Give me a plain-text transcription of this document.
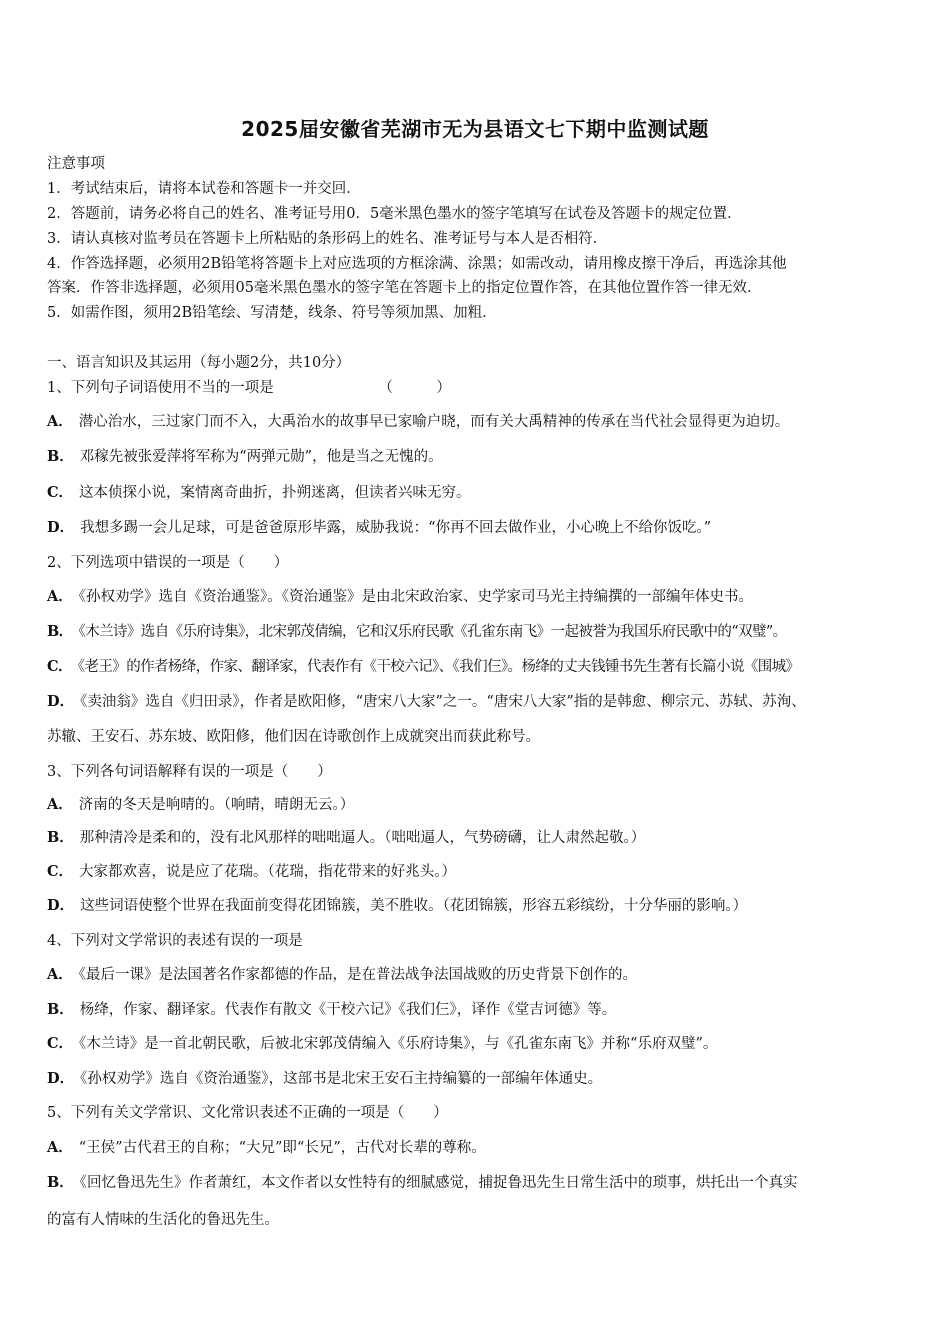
2025届安徽省芜湖市无为县语文七下期中监测试题
注意事项
1．考试结束后，请将本试卷和答题卡一并交回．
2．答题前，请务必将自己的姓名、准考证号用0．5毫米黑色墨水的签字笔填写在试卷及答题卡的规定位置．
3．请认真核对监考员在答题卡上所粘贴的条形码上的姓名、准考证号与本人是否相符．
4．作答选择题，必须用2B铅笔将答题卡上对应选项的方框涂满、涂黑；如需改动，请用橡皮擦干净后，再选涂其他
答案．作答非选择题，必须用05毫米黑色墨水的签字笔在答题卡上的指定位置作答，在其他位置作答一律无效．
5．如需作图，须用2B铅笔绘、写清楚，线条、符号等须加黑、加粗．
一、语言知识及其运用（每小题2分，共10分）
1、下列句子词语使用不当的一项是	（　　　）
A． 潜心治水，三过家门而不入，大禹治水的故事早已家喻户晓，而有关大禹精神的传承在当代社会显得更为迫切。
B． 邓稼先被张爱萍将军称为“两弹元勋”，他是当之无愧的。
C． 这本侦探小说，案情离奇曲折，扑朔迷离，但读者兴味无穷。
D． 我想多踢一会儿足球，可是爸爸原形毕露，威胁我说：“你再不回去做作业，小心晚上不给你饭吃。”
2、下列选项中错误的一项是（　　）
A． 《孙权劝学》选自《资治通鉴》。《资治通鉴》是由北宋政治家、史学家司马光主持编撰的一部编年体史书。
B． 《木兰诗》选自《乐府诗集》，北宋郭茂倩编，它和汉乐府民歌《孔雀东南飞》一起被誉为我国乐府民歌中的“双璧”。
C． 《老王》的作者杨绛，作家、翻译家，代表作有《干校六记》、《我们仨》。杨绛的丈夫钱锺书先生著有长篇小说《围城》
D． 《卖油翁》选自《归田录》，作者是欧阳修，“唐宋八大家”之一。“唐宋八大家”指的是韩愈、柳宗元、苏轼、苏洵、
苏辙、王安石、苏东坡、欧阳修，他们因在诗歌创作上成就突出而获此称号。
3、下列各句词语解释有误的一项是（　　）
A． 济南的冬天是响晴的。（响晴，晴朗无云。）
B． 那种清冷是柔和的，没有北风那样的咄咄逼人。（咄咄逼人，气势磅礴，让人肃然起敬。）
C． 大家都欢喜，说是应了花瑞。（花瑞，指花带来的好兆头。）
D． 这些词语使整个世界在我面前变得花团锦簇，美不胜收。（花团锦簇，形容五彩缤纷，十分华丽的影响。）
4、下列对文学常识的表述有误的一项是
A． 《最后一课》是法国著名作家都德的作品，是在普法战争法国战败的历史背景下创作的。
B． 杨绛，作家、翻译家。代表作有散文《干校六记》《我们仨》，译作《堂吉诃德》等。
C． 《木兰诗》是一首北朝民歌，后被北宋郭茂倩编入《乐府诗集》，与《孔雀东南飞》并称“乐府双璧”。
D． 《孙权劝学》选自《资治通鉴》，这部书是北宋王安石主持编纂的一部编年体通史。
5、下列有关文学常识、文化常识表述不正确的一项是（　　）
A． “王侯”古代君王的自称；“大兄”即“长兄”，古代对长辈的尊称。
B． 《回忆鲁迅先生》作者萧红，本文作者以女性特有的细腻感觉，捕捉鲁迅先生日常生活中的琐事，烘托出一个真实
的富有人情味的生活化的鲁迅先生。
